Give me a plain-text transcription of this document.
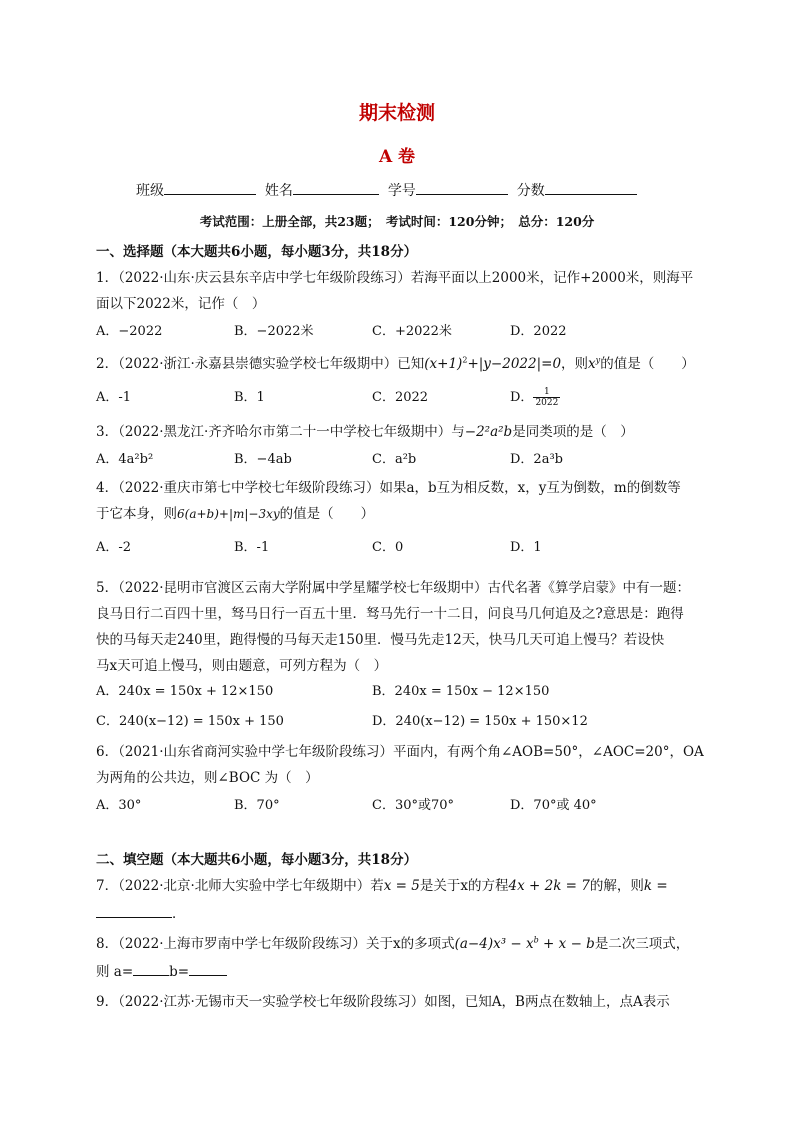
期末检测
A 卷
班级	姓名	学号	分数
考试范围：上册全部，共23题；　考试时间：120分钟；　总分：120分
一、选择题（本大题共6小题，每小题3分，共18分）
1．（2022·山东·庆云县东辛店中学七年级阶段练习）若海平面以上2000米，记作+2000米，则海平
面以下2022米，记作（　）
A．−2022	B．−2022米	C．+2022米	D．2022
2．（2022·浙江·永嘉县崇德实验学校七年级期中）已知$(x+1)^2+|y-2022|=0$，则$x^y$的值是（　　）
A．-1	B．1	C．2022	D． $\frac{1}{2022}$
3．（2022·黑龙江·齐齐哈尔市第二十一中学校七年级期中）与−2²a²b是同类项的是（　）
A．4a²b²	B．−4ab	C．a²b	D．2a³b
4．（2022·重庆市第七中学校七年级阶段练习）如果a，b互为相反数，x，y互为倒数，m的倒数等
于它本身，则6(a+b)+|m|−3xy的值是（　　）
A．-2	B．-1	C．0	D．1
5．（2022·昆明市官渡区云南大学附属中学星耀学校七年级期中）古代名著《算学启蒙》中有一题：
良马日行二百四十里，驽马日行一百五十里．驽马先行一十二日，问良马几何追及之?意思是：跑得
快的马每天走240里，跑得慢的马每天走150里．慢马先走12天，快马几天可追上慢马？若设快
马x天可追上慢马，则由题意，可列方程为（　）
A．240x = 150x + 12×150	B．240x = 150x − 12×150
C．240(x−12) = 150x + 150	D．240(x−12) = 150x + 150×12
6．（2021·山东省商河实验中学七年级阶段练习）平面内，有两个角∠AOB=50°，∠AOC=20°，OA
为两角的公共边，则∠BOC 为（　）
A．30°	B．70°	C．30°或70°	D．70°或 40°
二、填空题（本大题共6小题，每小题3分，共18分）
7．（2022·北京·北师大实验中学七年级期中）若x = 5是关于x的方程4x + 2k = 7的解，则k =
．
8．（2022·上海市罗南中学七年级阶段练习）关于x的多项式$(a-4)x^3 - x^b + x - b$是二次三项式，
则 a=	b=
9．（2022·江苏·无锡市天一实验学校七年级阶段练习）如图，已知A，B两点在数轴上，点A表示
